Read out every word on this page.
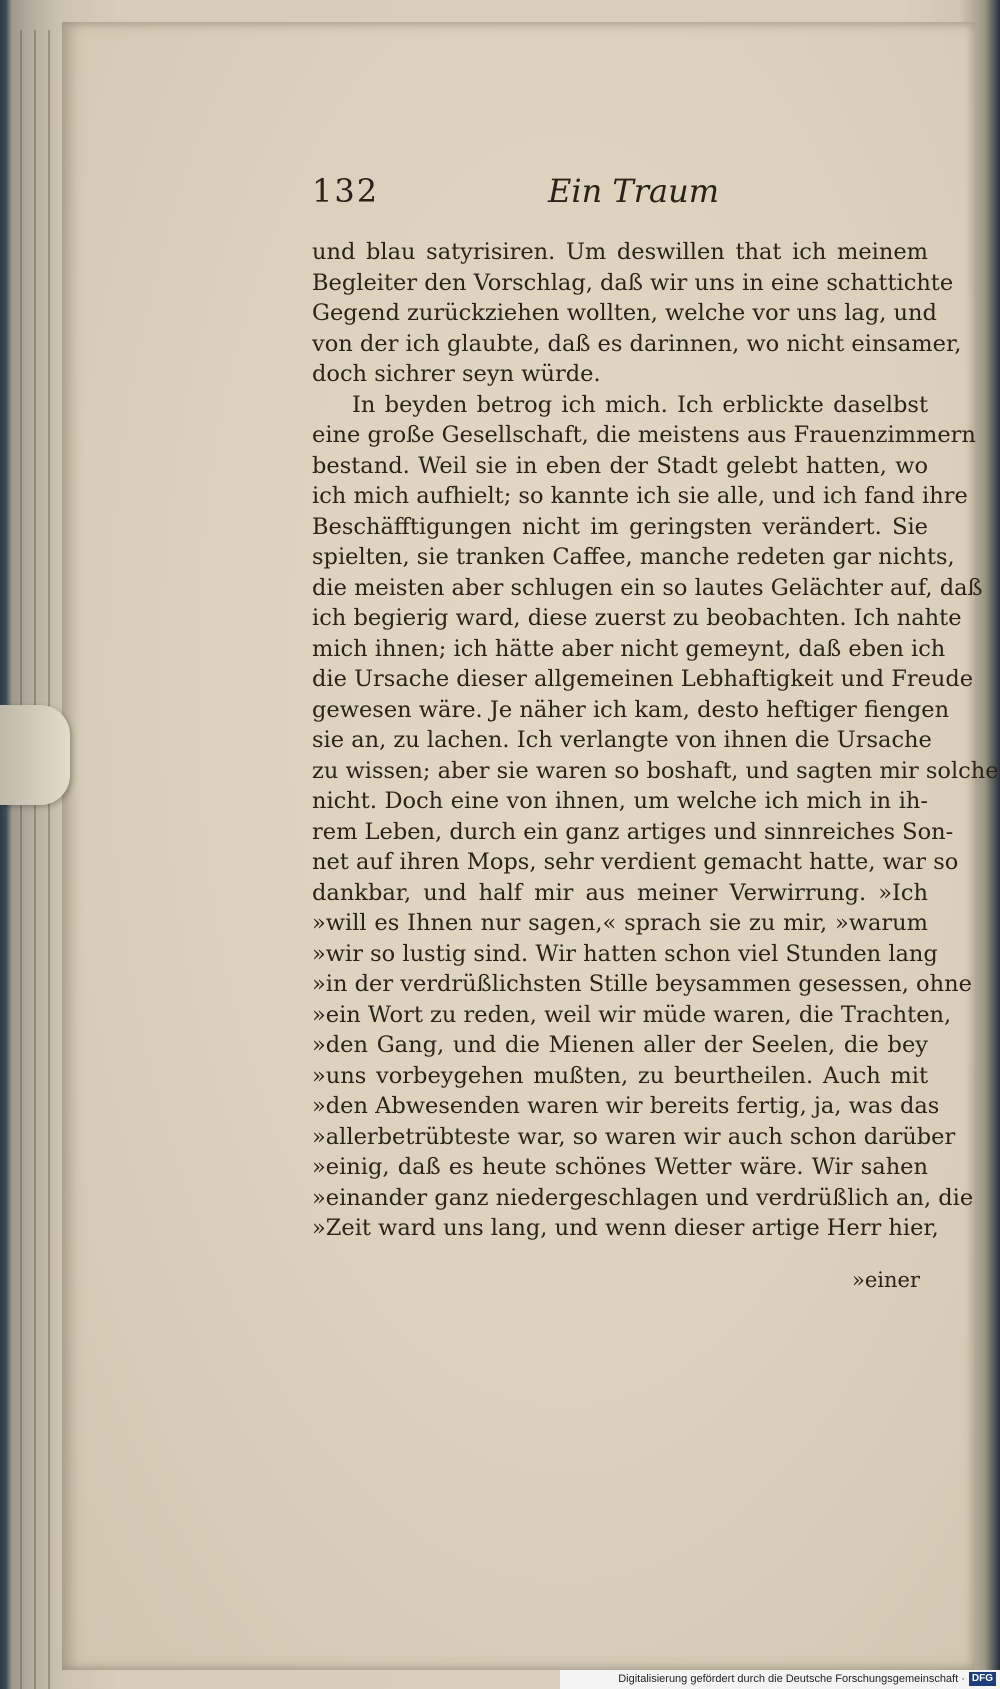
132	Ein Traum
und blau satyrisiren. Um deswillen that ich meinem
Begleiter den Vorschlag, daß wir uns in eine schattichte
Gegend zurückziehen wollten, welche vor uns lag, und
von der ich glaubte, daß es darinnen, wo nicht einsamer,
doch sichrer seyn würde.
In beyden betrog ich mich. Ich erblickte daselbst
eine große Gesellschaft, die meistens aus Frauenzimmern
bestand. Weil sie in eben der Stadt gelebt hatten, wo
ich mich aufhielt; so kannte ich sie alle, und ich fand ihre
Beschäfftigungen nicht im geringsten verändert. Sie
spielten, sie tranken Caffee, manche redeten gar nichts,
die meisten aber schlugen ein so lautes Gelächter auf, daß
ich begierig ward, diese zuerst zu beobachten. Ich nahte
mich ihnen; ich hätte aber nicht gemeynt, daß eben ich
die Ursache dieser allgemeinen Lebhaftigkeit und Freude
gewesen wäre. Je näher ich kam, desto heftiger fiengen
sie an, zu lachen. Ich verlangte von ihnen die Ursache
zu wissen; aber sie waren so boshaft, und sagten mir solche
nicht. Doch eine von ihnen, um welche ich mich in ih-
rem Leben, durch ein ganz artiges und sinnreiches Son-
net auf ihren Mops, sehr verdient gemacht hatte, war so
dankbar, und half mir aus meiner Verwirrung. »Ich
»will es Ihnen nur sagen,« sprach sie zu mir, »warum
»wir so lustig sind. Wir hatten schon viel Stunden lang
»in der verdrüßlichsten Stille beysammen gesessen, ohne
»ein Wort zu reden, weil wir müde waren, die Trachten,
»den Gang, und die Mienen aller der Seelen, die bey
»uns vorbeygehen mußten, zu beurtheilen. Auch mit
»den Abwesenden waren wir bereits fertig, ja, was das
»allerbetrübteste war, so waren wir auch schon darüber
»einig, daß es heute schönes Wetter wäre. Wir sahen
»einander ganz niedergeschlagen und verdrüßlich an, die
»Zeit ward uns lang, und wenn dieser artige Herr hier,
»einer
Digitalisierung gefördert durch die Deutsche Forschungsgemeinschaft · DFG
